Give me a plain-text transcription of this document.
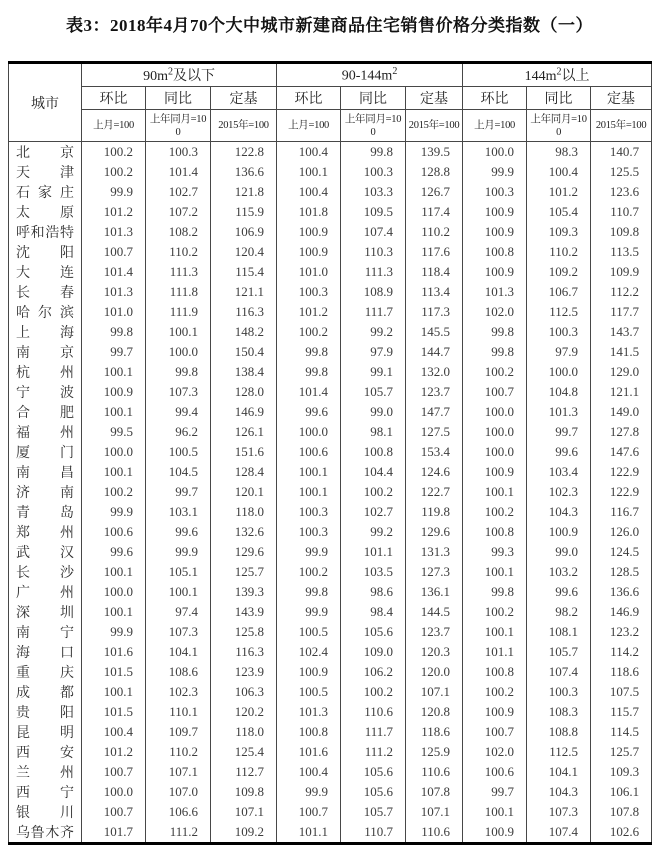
表3：2018年4月70个大中城市新建商品住宅销售价格分类指数（一）
城市	$90m^2$及以下			$90-144m^2$			$144m^2$以上		
	环比	同比	定基	环比	同比	定基	环比	同比	定基
	上月=100	上年同月=100	2015年=100	上月=100	上年同月=100	2015年=100	上月=100	上年同月=100	2015年=100
北京	100.2	100.3	122.8	100.4	99.8	139.5	100.0	98.3	140.7
天津	100.2	101.4	136.6	100.1	100.3	128.8	99.9	100.4	125.5
石家庄	99.9	102.7	121.8	100.4	103.3	126.7	100.3	101.2	123.6
太原	101.2	107.2	115.9	101.8	109.5	117.4	100.9	105.4	110.7
呼和浩特	101.3	108.2	106.9	100.9	107.4	110.2	100.9	109.3	109.8
沈阳	100.7	110.2	120.4	100.9	110.3	117.6	100.8	110.2	113.5
大连	101.4	111.3	115.4	101.0	111.3	118.4	100.9	109.2	109.9
长春	101.3	111.8	121.1	100.3	108.9	113.4	101.3	106.7	112.2
哈尔滨	101.0	111.9	116.3	101.2	111.7	117.3	102.0	112.5	117.7
上海	99.8	100.1	148.2	100.2	99.2	145.5	99.8	100.3	143.7
南京	99.7	100.0	150.4	99.8	97.9	144.7	99.8	97.9	141.5
杭州	100.1	99.8	138.4	99.8	99.1	132.0	100.2	100.0	129.0
宁波	100.9	107.3	128.0	101.4	105.7	123.7	100.7	104.8	121.1
合肥	100.1	99.4	146.9	99.6	99.0	147.7	100.0	101.3	149.0
福州	99.5	96.2	126.1	100.0	98.1	127.5	100.0	99.7	127.8
厦门	100.0	100.5	151.6	100.6	100.8	153.4	100.0	99.6	147.6
南昌	100.1	104.5	128.4	100.1	104.4	124.6	100.9	103.4	122.9
济南	100.2	99.7	120.1	100.1	100.2	122.7	100.1	102.3	122.9
青岛	99.9	103.1	118.0	100.3	102.7	119.8	100.2	104.3	116.7
郑州	100.6	99.6	132.6	100.3	99.2	129.6	100.8	100.9	126.0
武汉	99.6	99.9	129.6	99.9	101.1	131.3	99.3	99.0	124.5
长沙	100.1	105.1	125.7	100.2	103.5	127.3	100.1	103.2	128.5
广州	100.0	100.1	139.3	99.8	98.6	136.1	99.8	99.6	136.6
深圳	100.1	97.4	143.9	99.9	98.4	144.5	100.2	98.2	146.9
南宁	99.9	107.3	125.8	100.5	105.6	123.7	100.1	108.1	123.2
海口	101.6	104.1	116.3	102.4	109.0	120.3	101.1	105.7	114.2
重庆	101.5	108.6	123.9	100.9	106.2	120.0	100.8	107.4	118.6
成都	100.1	102.3	106.3	100.5	100.2	107.1	100.2	100.3	107.5
贵阳	101.5	110.1	120.2	101.3	110.6	120.8	100.9	108.3	115.7
昆明	100.4	109.7	118.0	100.8	111.7	118.6	100.7	108.8	114.5
西安	101.2	110.2	125.4	101.6	111.2	125.9	102.0	112.5	125.7
兰州	100.7	107.1	112.7	100.4	105.6	110.6	100.6	104.1	109.3
西宁	100.0	107.0	109.8	99.9	105.6	107.8	99.7	104.3	106.1
银川	100.7	106.6	107.1	100.7	105.7	107.1	100.1	107.3	107.8
乌鲁木齐	101.7	111.2	109.2	101.1	110.7	110.6	100.9	107.4	102.6
